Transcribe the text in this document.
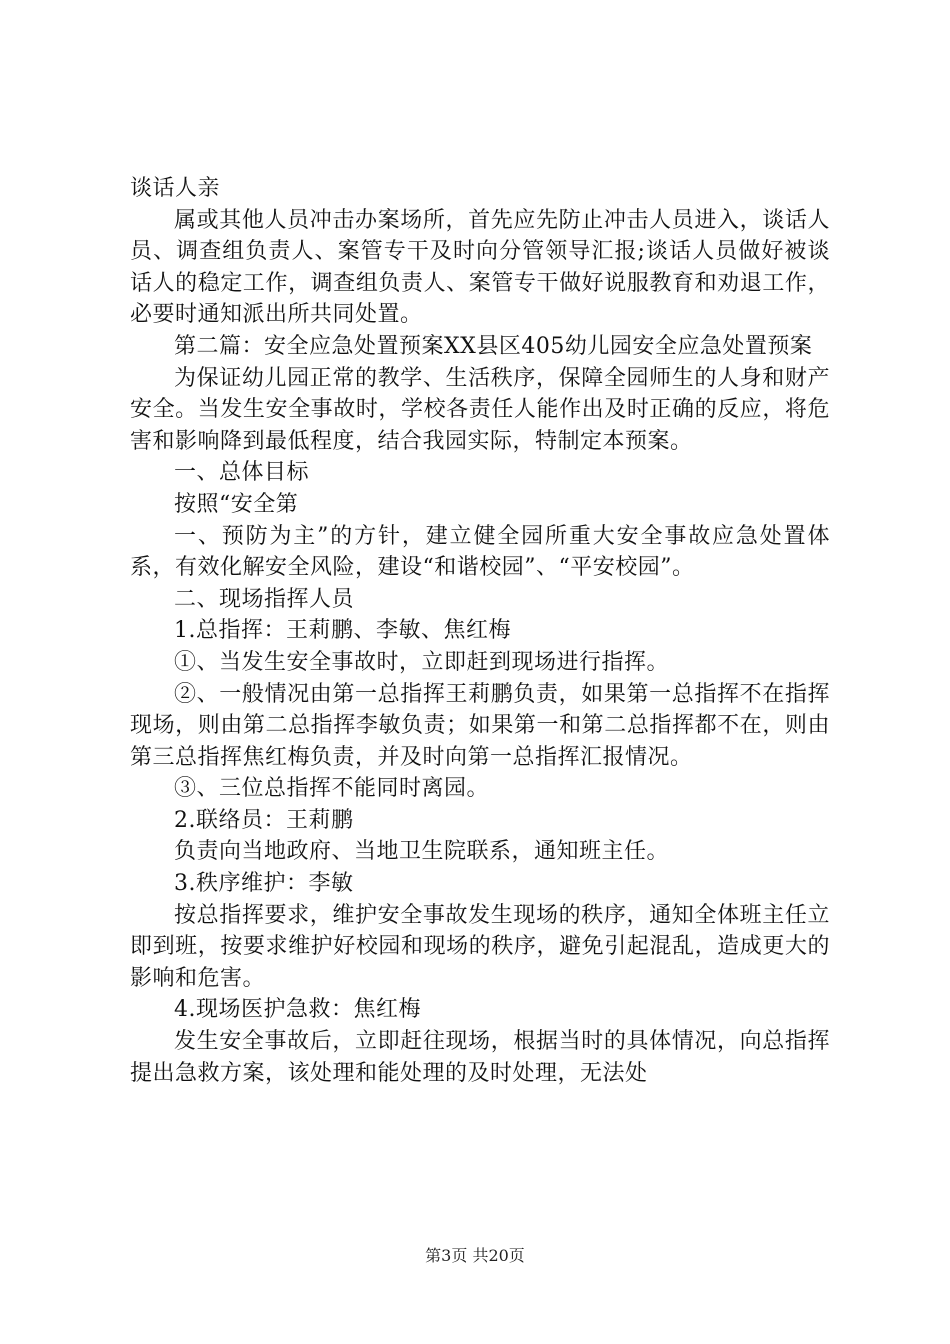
谈话人亲

属或其他人员冲击办案场所，首先应先防止冲击人员进入，谈话人员、调查组负责人、案管专干及时向分管领导汇报;谈话人员做好被谈话人的稳定工作，调查组负责人、案管专干做好说服教育和劝退工作，必要时通知派出所共同处置。

第二篇：安全应急处置预案XX县区405幼儿园安全应急处置预案

为保证幼儿园正常的教学、生活秩序，保障全园师生的人身和财产安全。当发生安全事故时，学校各责任人能作出及时正确的反应，将危害和影响降到最低程度，结合我园实际，特制定本预案。

一、总体目标

按照“安全第

一、预防为主”的方针，建立健全园所重大安全事故应急处置体系，有效化解安全风险，建设“和谐校园”、“平安校园”。

二、现场指挥人员

1.总指挥：王莉鹏、李敏、焦红梅

①、当发生安全事故时，立即赶到现场进行指挥。

②、一般情况由第一总指挥王莉鹏负责，如果第一总指挥不在指挥现场，则由第二总指挥李敏负责；如果第一和第二总指挥都不在，则由第三总指挥焦红梅负责，并及时向第一总指挥汇报情况。

③、三位总指挥不能同时离园。

2.联络员：王莉鹏

负责向当地政府、当地卫生院联系，通知班主任。

3.秩序维护：李敏

按总指挥要求，维护安全事故发生现场的秩序，通知全体班主任立即到班，按要求维护好校园和现场的秩序，避免引起混乱，造成更大的影响和危害。

4.现场医护急救：焦红梅

发生安全事故后，立即赶往现场，根据当时的具体情况，向总指挥提出急救方案，该处理和能处理的及时处理，无法处

第3页 共20页
